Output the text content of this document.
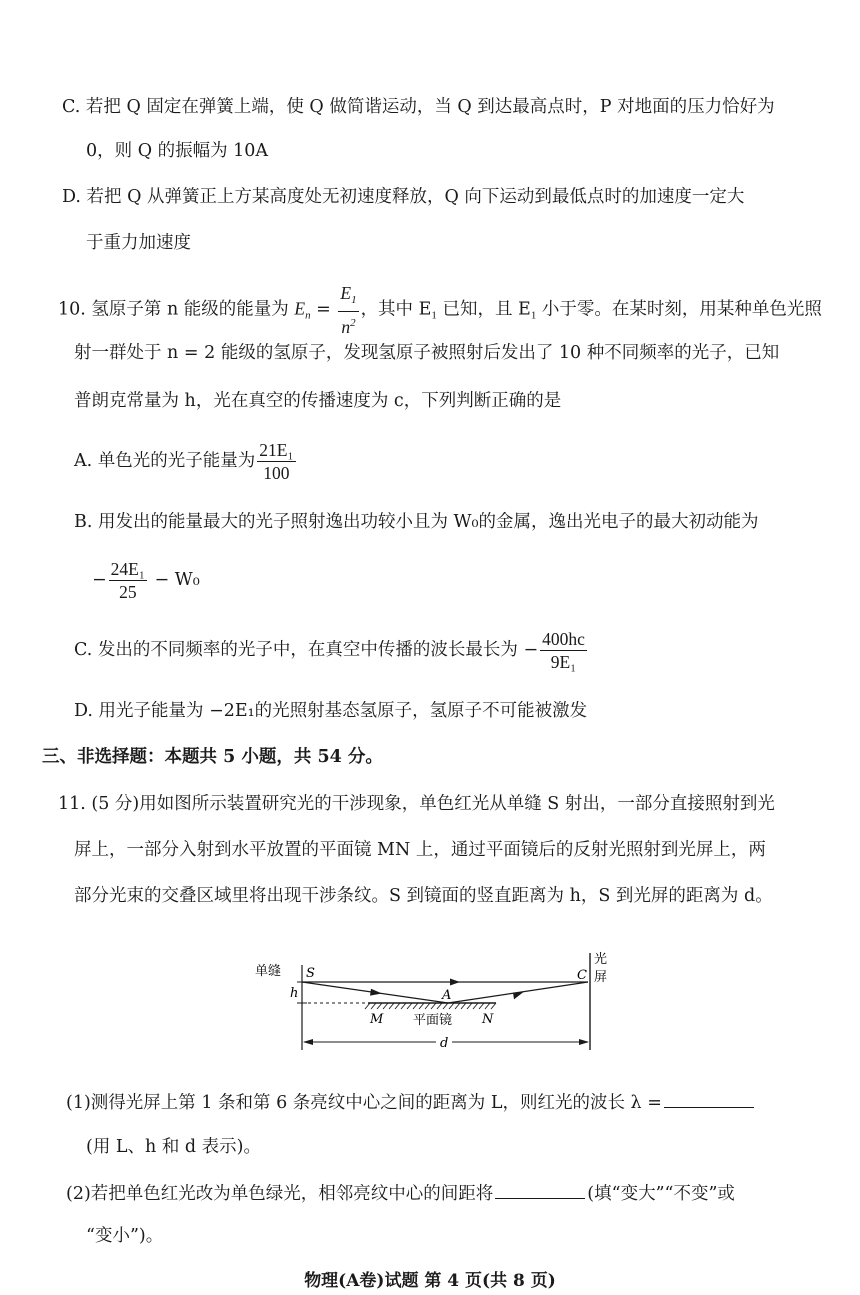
C. 若把 Q 固定在弹簧上端，使 Q 做简谐运动，当 Q 到达最高点时，P 对地面的压力恰好为
0，则 Q 的振幅为 10A
D. 若把 Q 从弹簧正上方某高度处无初速度释放，Q 向下运动到最低点时的加速度一定大
于重力加速度
10. 氢原子第 n 能级的能量为 $E_n = \frac{E_1}{n^2}$ ，其中 $E_1$ 已知，且 $E_1$ 小于零。在某时刻，用某种单色光照
射一群处于 n = 2 能级的氢原子，发现氢原子被照射后发出了 10 种不同频率的光子，已知
普朗克常量为 h，光在真空的传播速度为 c，下列判断正确的是
A. 单色光的光子能量为 $\frac{\text{21E₁}}{100}$
B. 用发出的能量最大的光子照射逸出功较小且为 W₀的金属，逸出光电子的最大初动能为
− $\frac{\text{24E₁}}{25} - W_0$
C. 发出的不同频率的光子中，在真空中传播的波长最长为 − $\frac{400hc}{\text{9E₁}}$
D. 用光子能量为 −2E₁的光照射基态氢原子，氢原子不可能被激发
三、非选择题：本题共 5 小题，共 54 分。
11. (5 分)用如图所示装置研究光的干涉现象，单色红光从单缝 S 射出，一部分直接照射到光
屏上，一部分入射到水平放置的平面镜 MN 上，通过平面镜后的反射光照射到光屏上，两
部分光束的交叠区域里将出现干涉条纹。S 到镜面的竖直距离为 h，S 到光屏的距离为 d。
单缝 S
h	A
M 平面镜 N
d
C
光
屏
(1)测得光屏上第 1 条和第 6 条亮纹中心之间的距离为 L，则红光的波长 λ =
(用 L、h 和 d 表示)。
(2)若把单色红光改为单色绿光，相邻亮纹中心的间距将	(填“变大”“不变”或
“变小”)。
物理(A卷)试题 第 4 页(共 8 页)
